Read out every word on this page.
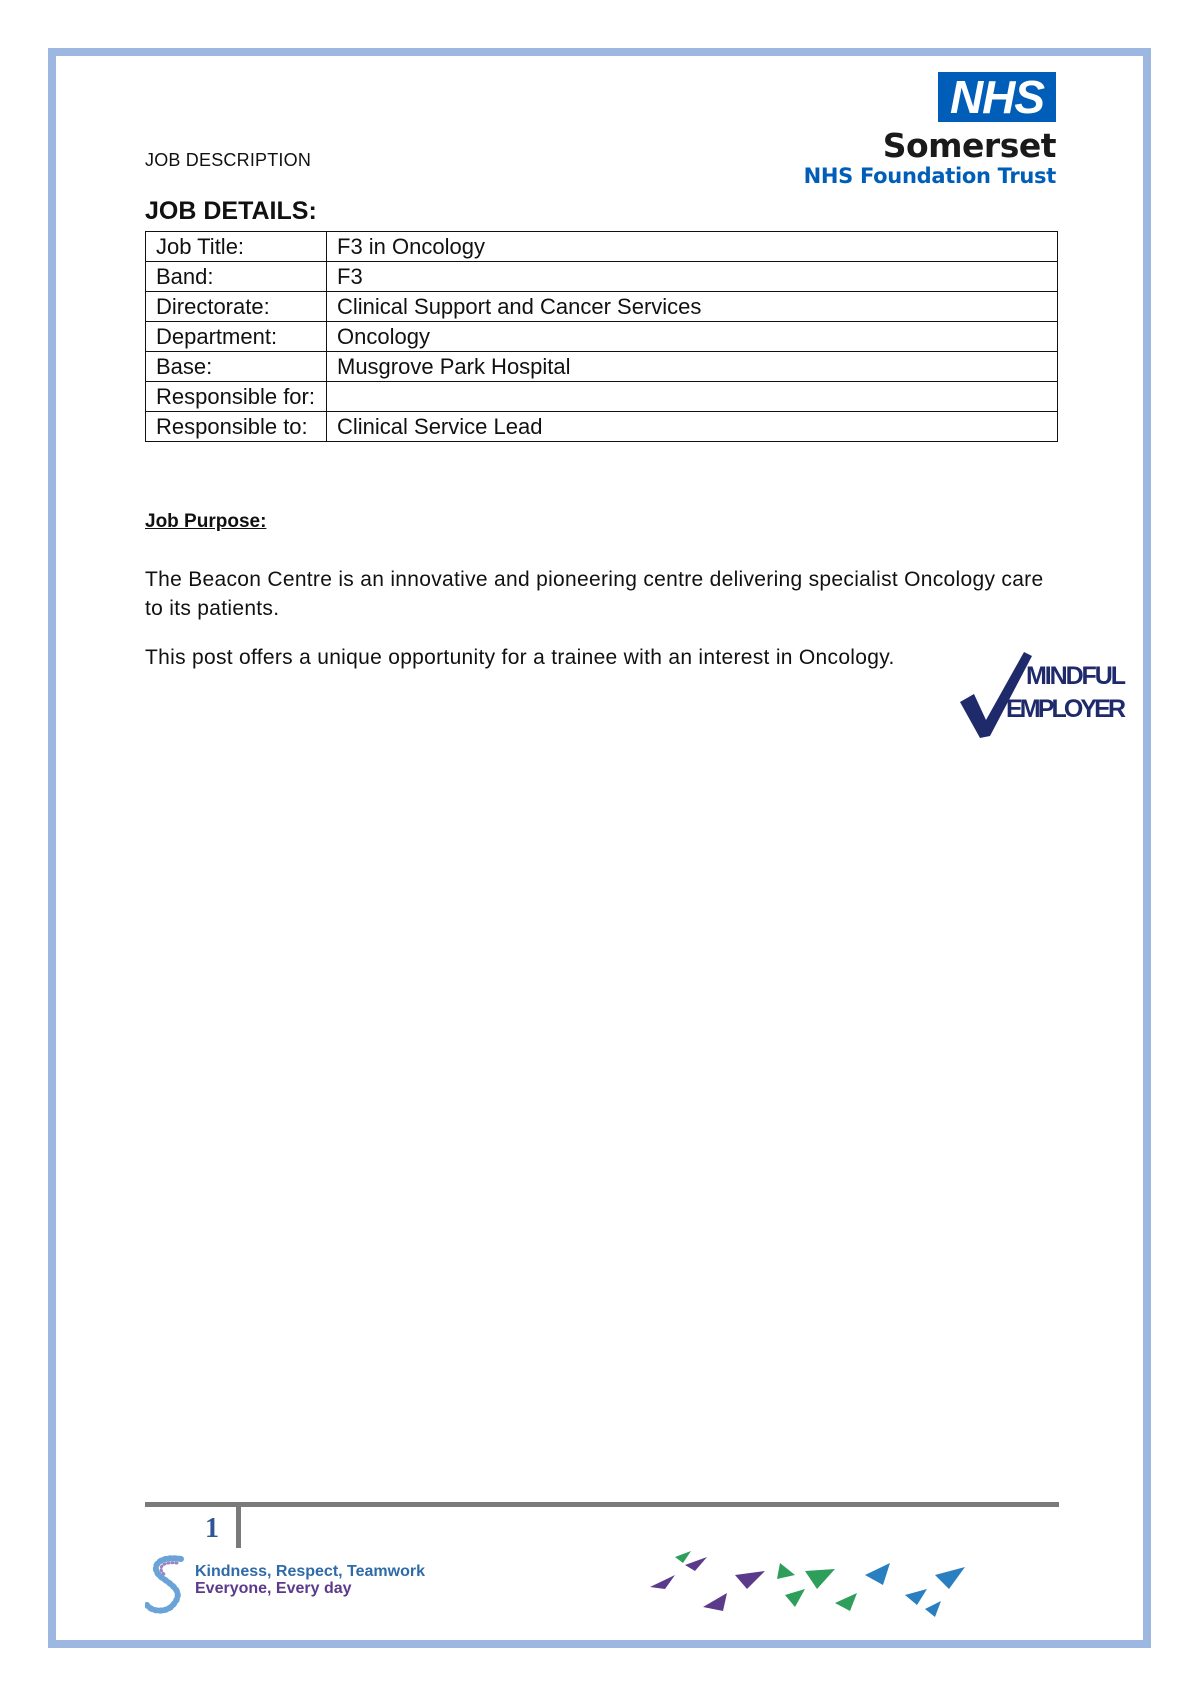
JOB DESCRIPTION
NHS
Somerset
NHS Foundation Trust
JOB DETAILS:
Job Title:	F3 in Oncology
Band:	F3
Directorate:	Clinical Support and Cancer Services
Department:	Oncology
Base:	Musgrove Park Hospital
Responsible for:	
Responsible to:	Clinical Service Lead
Job Purpose:
The Beacon Centre is an innovative and pioneering centre delivering specialist Oncology care to its patients.
This post offers a unique opportunity for a trainee with an interest in Oncology.
MINDFUL
EMPLOYER
1
Kindness, Respect, Teamwork
Everyone, Every day
